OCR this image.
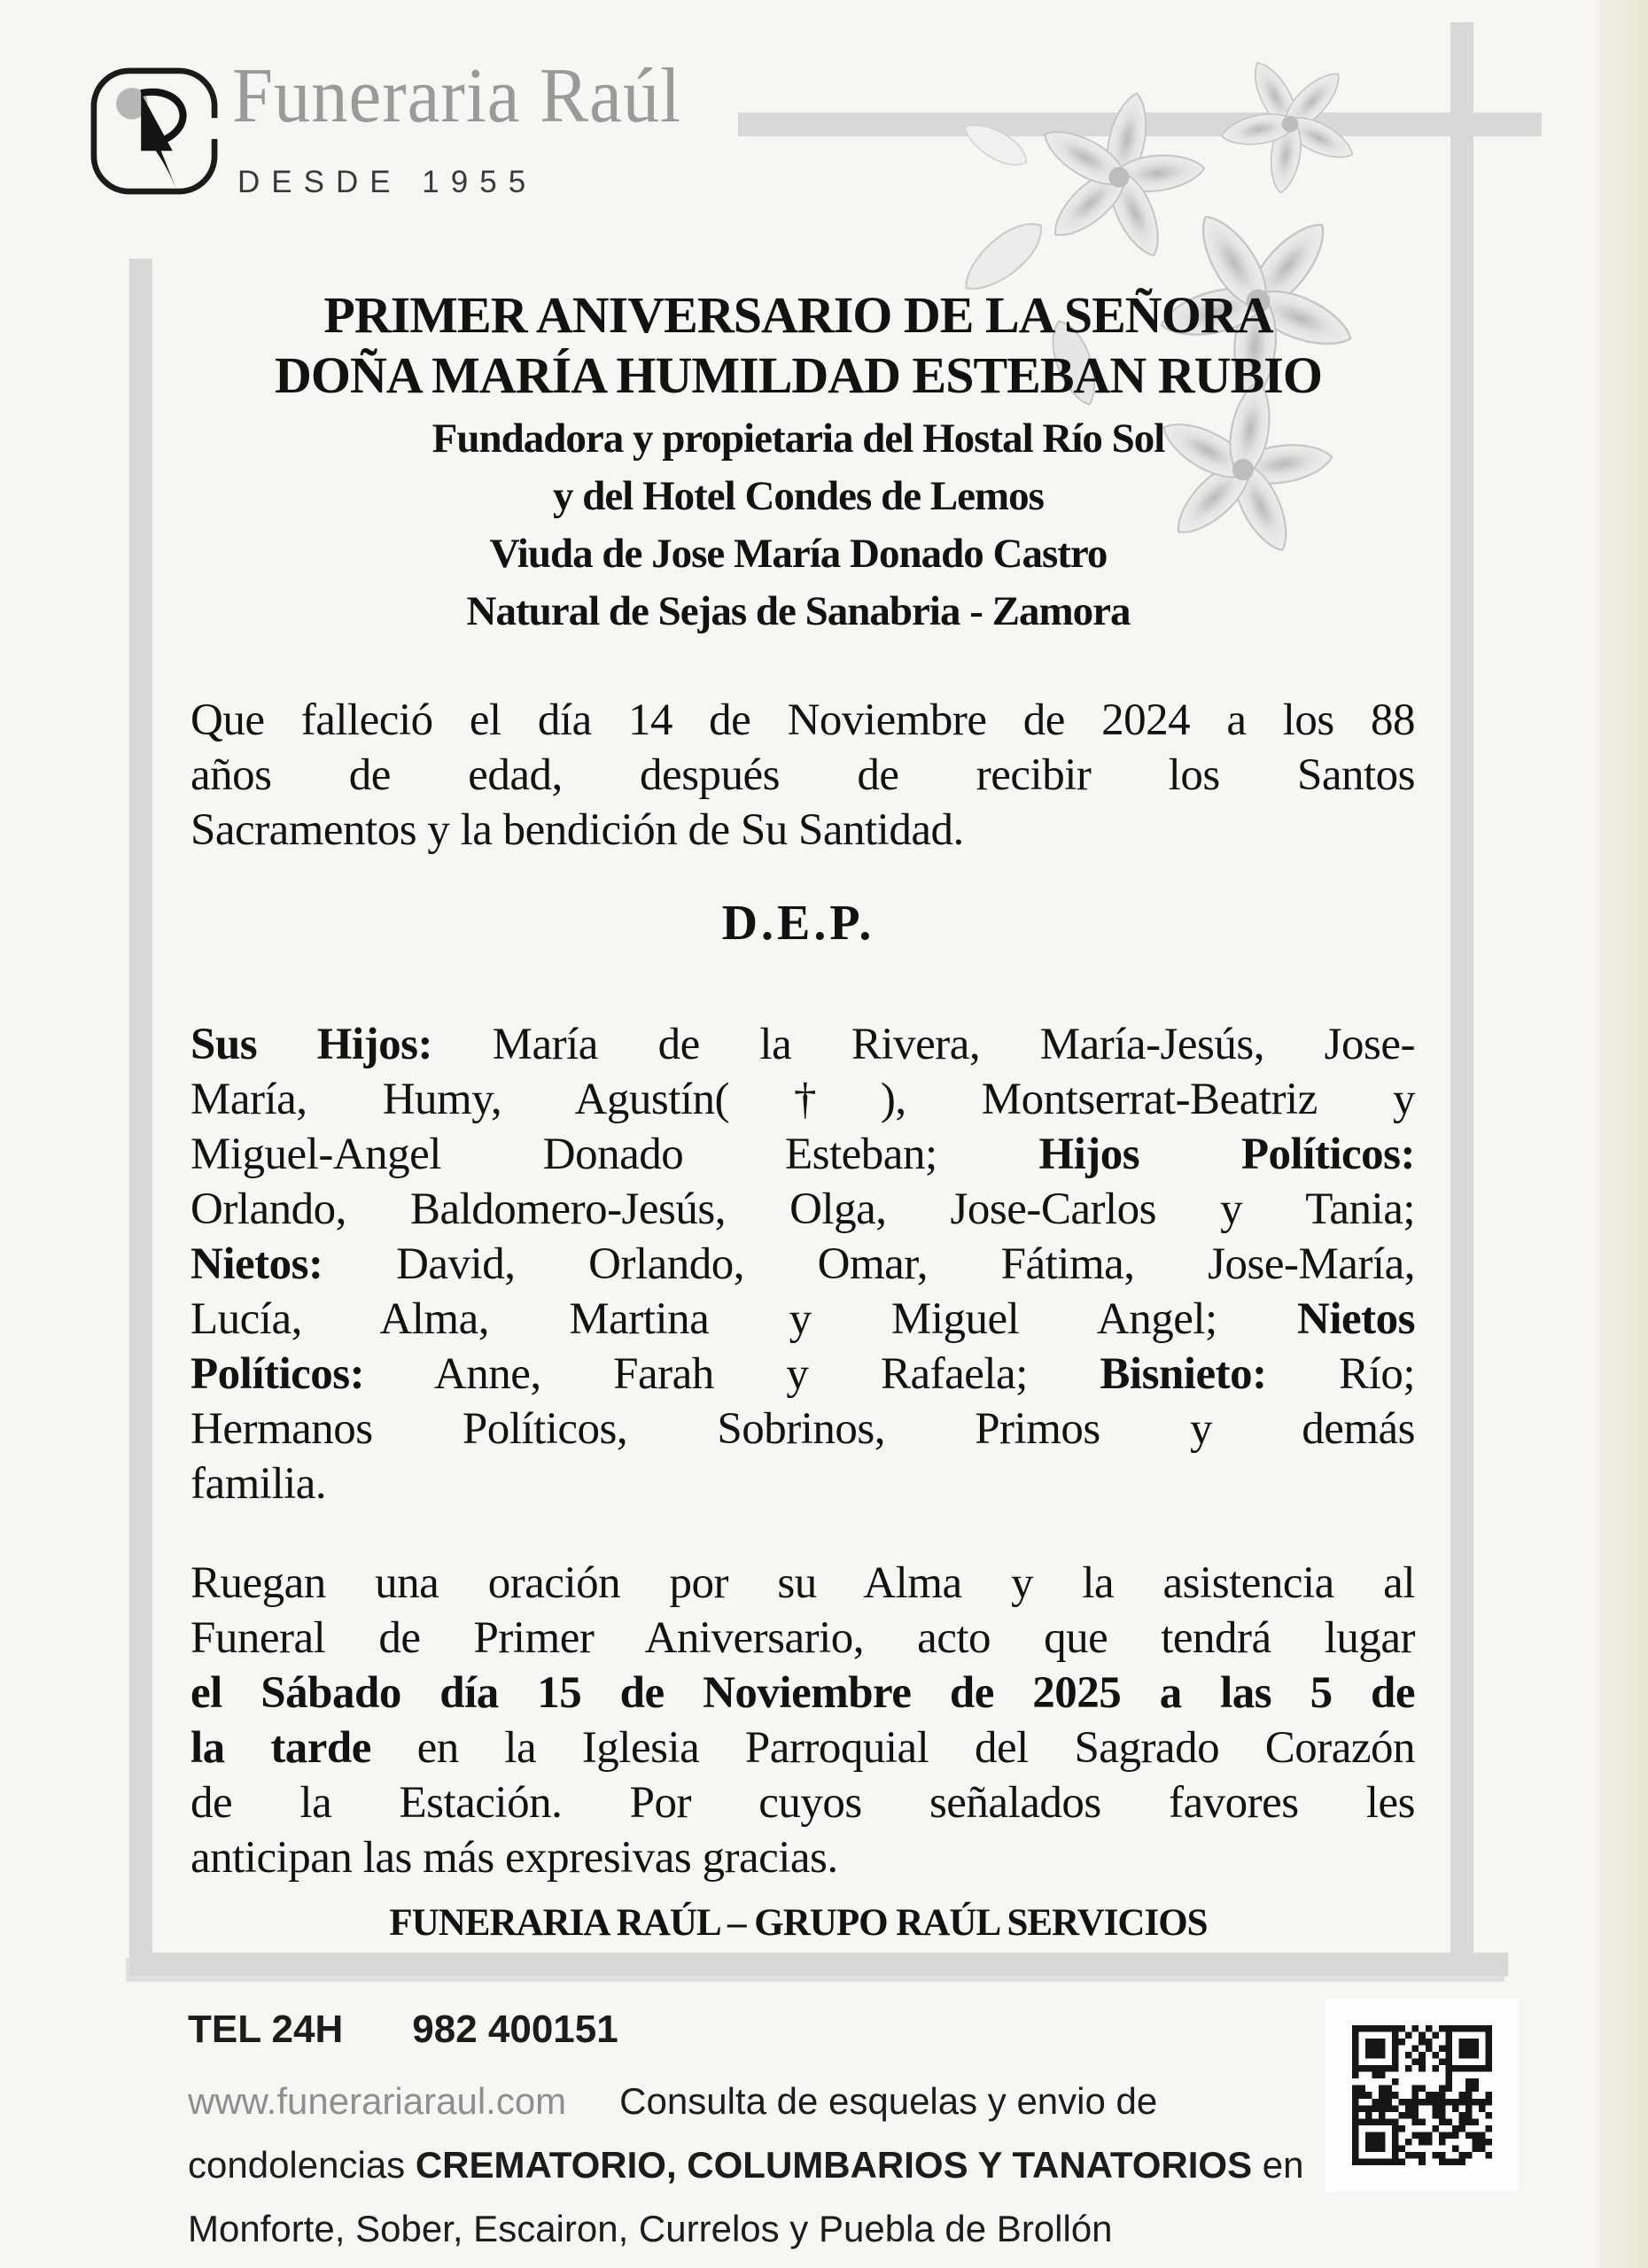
Funeraria Raúl
DESDE 1955
PRIMER ANIVERSARIO DE LA SEÑORA
DOÑA MARÍA HUMILDAD ESTEBAN RUBIO
Fundadora y propietaria del Hostal Río Sol
y del Hotel Condes de Lemos
Viuda de Jose María Donado Castro
Natural de Sejas de Sanabria - Zamora
Que falleció el día 14 de Noviembre de 2024 a los 88
años de edad, después de recibir los Santos
Sacramentos y la bendición de Su Santidad.
D.E.P.
Sus Hijos: María de la Rivera, María-Jesús, Jose-
María, Humy, Agustín(†), Montserrat-Beatriz y
Miguel-Angel Donado Esteban; Hijos Políticos:
Orlando, Baldomero-Jesús, Olga, Jose-Carlos y Tania;
Nietos: David, Orlando, Omar, Fátima, Jose-María,
Lucía, Alma, Martina y Miguel Angel; Nietos
Políticos: Anne, Farah y Rafaela; Bisnieto: Río;
Hermanos Políticos, Sobrinos, Primos y demás
familia.
Ruegan una oración por su Alma y la asistencia al
Funeral de Primer Aniversario, acto que tendrá lugar
el Sábado día 15 de Noviembre de 2025 a las 5 de
la tarde en la Iglesia Parroquial del Sagrado Corazón
de la Estación. Por cuyos señalados favores les
anticipan las más expresivas gracias.
FUNERARIA RAÚL – GRUPO RAÚL SERVICIOS
TEL 24H 982 400151
www.funerariaraul.com Consulta de esquelas y envio de
condolencias CREMATORIO, COLUMBARIOS Y TANATORIOS en
Monforte, Sober, Escairon, Currelos y Puebla de Brollón
